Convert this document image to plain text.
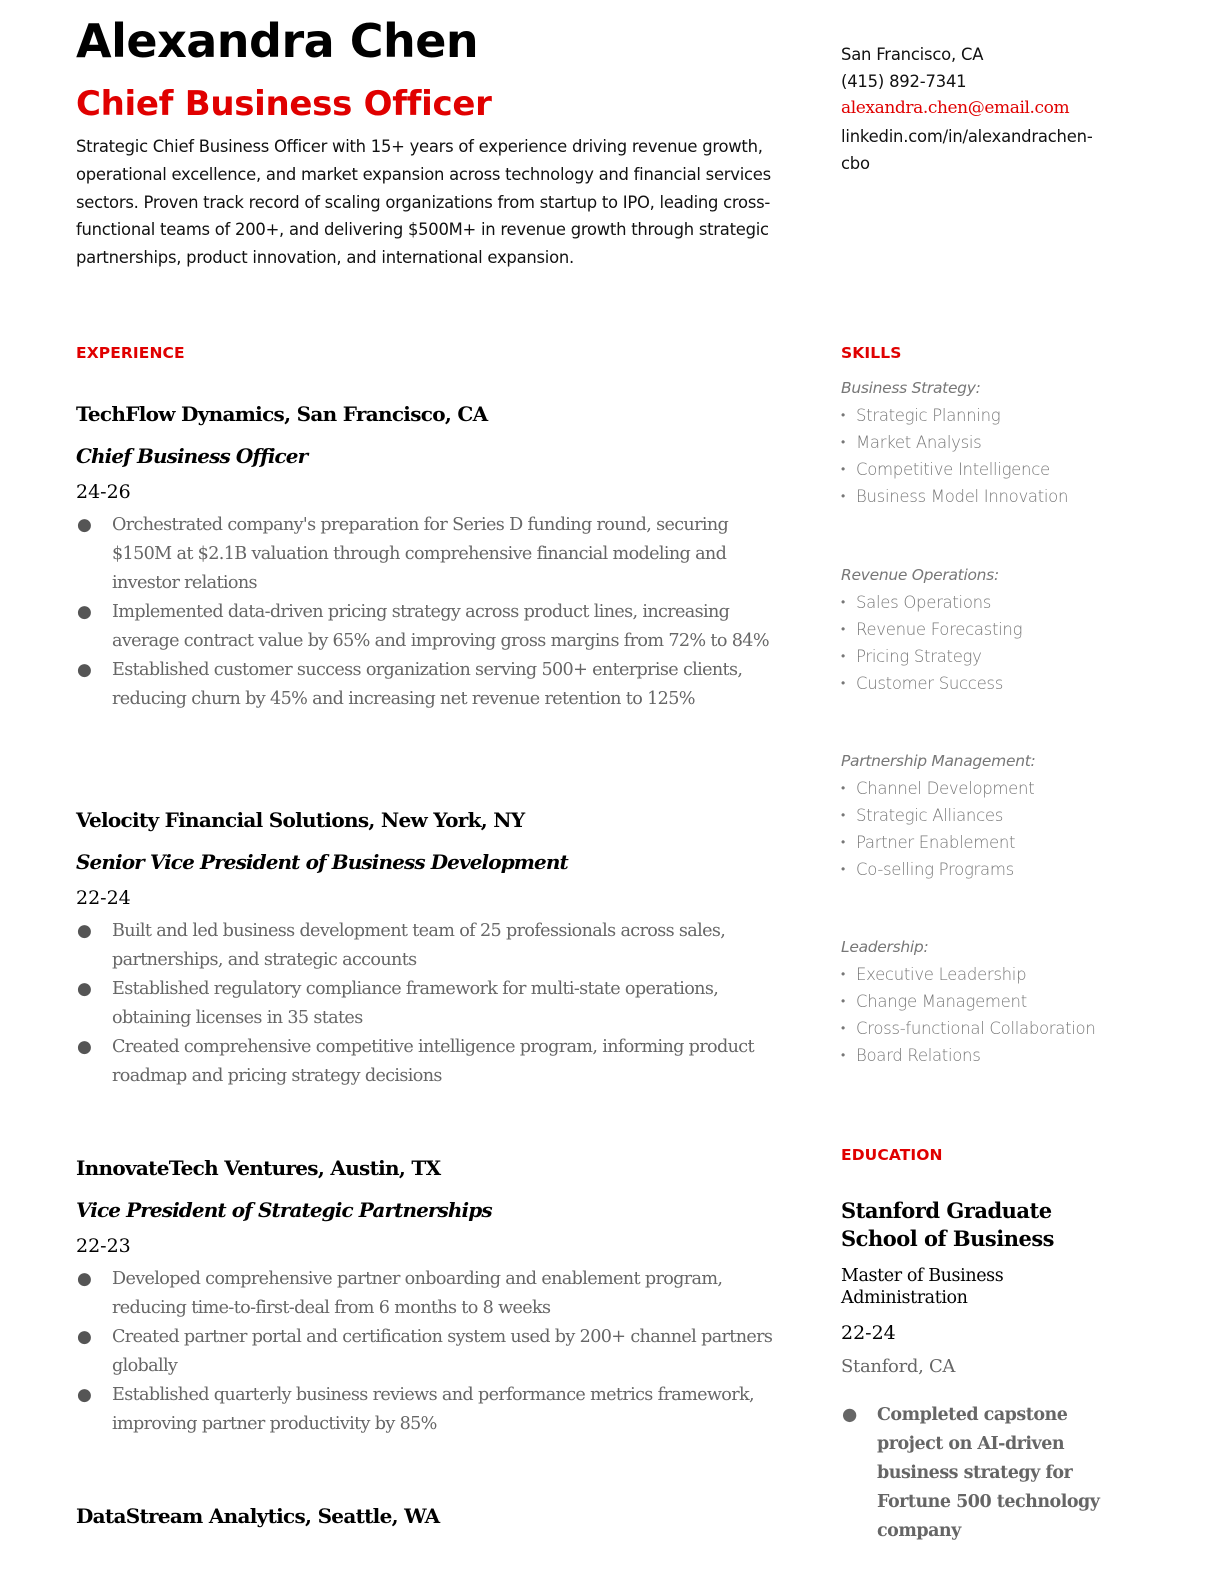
Alexandra Chen
Chief Business Officer

Strategic Chief Business Officer with 15+ years of experience driving revenue growth, operational excellence, and market expansion across technology and financial services sectors. Proven track record of scaling organizations from startup to IPO, leading cross-functional teams of 200+, and delivering $500M+ in revenue growth through strategic partnerships, product innovation, and international expansion.

San Francisco, CA
(415) 892-7341
alexandra.chen@email.com
linkedin.com/in/alexandrachen-cbo
EXPERIENCE
TechFlow Dynamics, San Francisco, CA
Chief Business Officer
24-26
● Orchestrated company's preparation for Series D funding round, securing $150M at $2.1B valuation through comprehensive financial modeling and investor relations
● Implemented data-driven pricing strategy across product lines, increasing average contract value by 65% and improving gross margins from 72% to 84%
● Established customer success organization serving 500+ enterprise clients, reducing churn by 45% and increasing net revenue retention to 125%
Velocity Financial Solutions, New York, NY
Senior Vice President of Business Development
22-24
● Built and led business development team of 25 professionals across sales, partnerships, and strategic accounts
● Established regulatory compliance framework for multi-state operations, obtaining licenses in 35 states
● Created comprehensive competitive intelligence program, informing product roadmap and pricing strategy decisions
InnovateTech Ventures, Austin, TX
Vice President of Strategic Partnerships
22-23
● Developed comprehensive partner onboarding and enablement program, reducing time-to-first-deal from 6 months to 8 weeks
● Created partner portal and certification system used by 200+ channel partners globally
● Established quarterly business reviews and performance metrics framework, improving partner productivity by 85%
DataStream Analytics, Seattle, WA
SKILLS
Business Strategy:
• Strategic Planning
• Market Analysis
• Competitive Intelligence
• Business Model Innovation
Revenue Operations:
• Sales Operations
• Revenue Forecasting
• Pricing Strategy
• Customer Success
Partnership Management:
• Channel Development
• Strategic Alliances
• Partner Enablement
• Co-selling Programs
Leadership:
• Executive Leadership
• Change Management
• Cross-functional Collaboration
• Board Relations
EDUCATION
Stanford Graduate School of Business
Master of Business Administration
22-24
Stanford, CA
● Completed capstone project on AI-driven business strategy for Fortune 500 technology company
